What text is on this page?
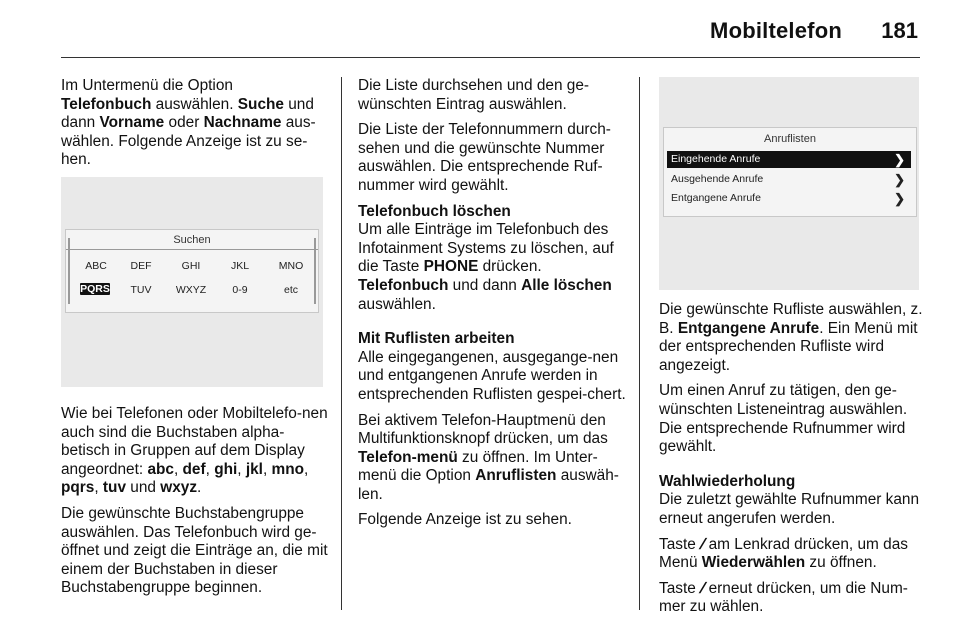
Mobiltelefon 181

Im Untermenü die Option
Telefonbuch auswählen. Suche und dann Vorname oder Nachname aus-wählen. Folgende Anzeige ist zu se-hen.

Wie bei Telefonen oder Mobiltelefo-nen auch sind die Buchstaben alpha-betisch in Gruppen auf dem Display angeordnet: abc, def, ghi, jkl, mno, pqrs, tuv und wxyz.

Die gewünschte Buchstabengruppe auswählen. Das Telefonbuch wird ge-öffnet und zeigt die Einträge an, die mit einem der Buchstaben in dieser Buchstabengruppe beginnen.

Suchen
ABC	DEF	GHI	JKL	MNO
PQRS	TUV	WXYZ	0-9	etc

Die Liste durchsehen und den ge-wünschten Eintrag auswählen.

Die Liste der Telefonnummern durch-sehen und die gewünschte Nummer auswählen. Die entsprechende Ruf-nummer wird gewählt.

Telefonbuch löschen

Um alle Einträge im Telefonbuch des Infotainment Systems zu löschen, auf die Taste PHONE drücken.
Telefonbuch und dann Alle löschen auswählen.

Mit Ruflisten arbeiten

Alle eingegangenen, ausgegange-nen und entgangenen Anrufe werden in entsprechenden Ruflisten gespei-chert.

Bei aktivem Telefon-Hauptmenü den Multifunktionsknopf drücken, um das Telefon-menü zu öffnen. Im Unter-menü die Option Anruflisten auswäh-len.

Folgende Anzeige ist zu sehen.

Anruflisten
Eingehende Anrufe	❯
Ausgehende Anrufe	❯
Entgangene Anrufe	❯

Die gewünschte Rufliste auswählen, z. B. Entgangene Anrufe. Ein Menü mit der entsprechenden Rufliste wird angezeigt.

Um einen Anruf zu tätigen, den ge-wünschten Listeneintrag auswählen. Die entsprechende Rufnummer wird gewählt.

Wahlwiederholung

Die zuletzt gewählte Rufnummer kann erneut angerufen werden.

Taste / am Lenkrad drücken, um das Menü Wiederwählen zu öffnen.

Taste / erneut drücken, um die Num-mer zu wählen.
